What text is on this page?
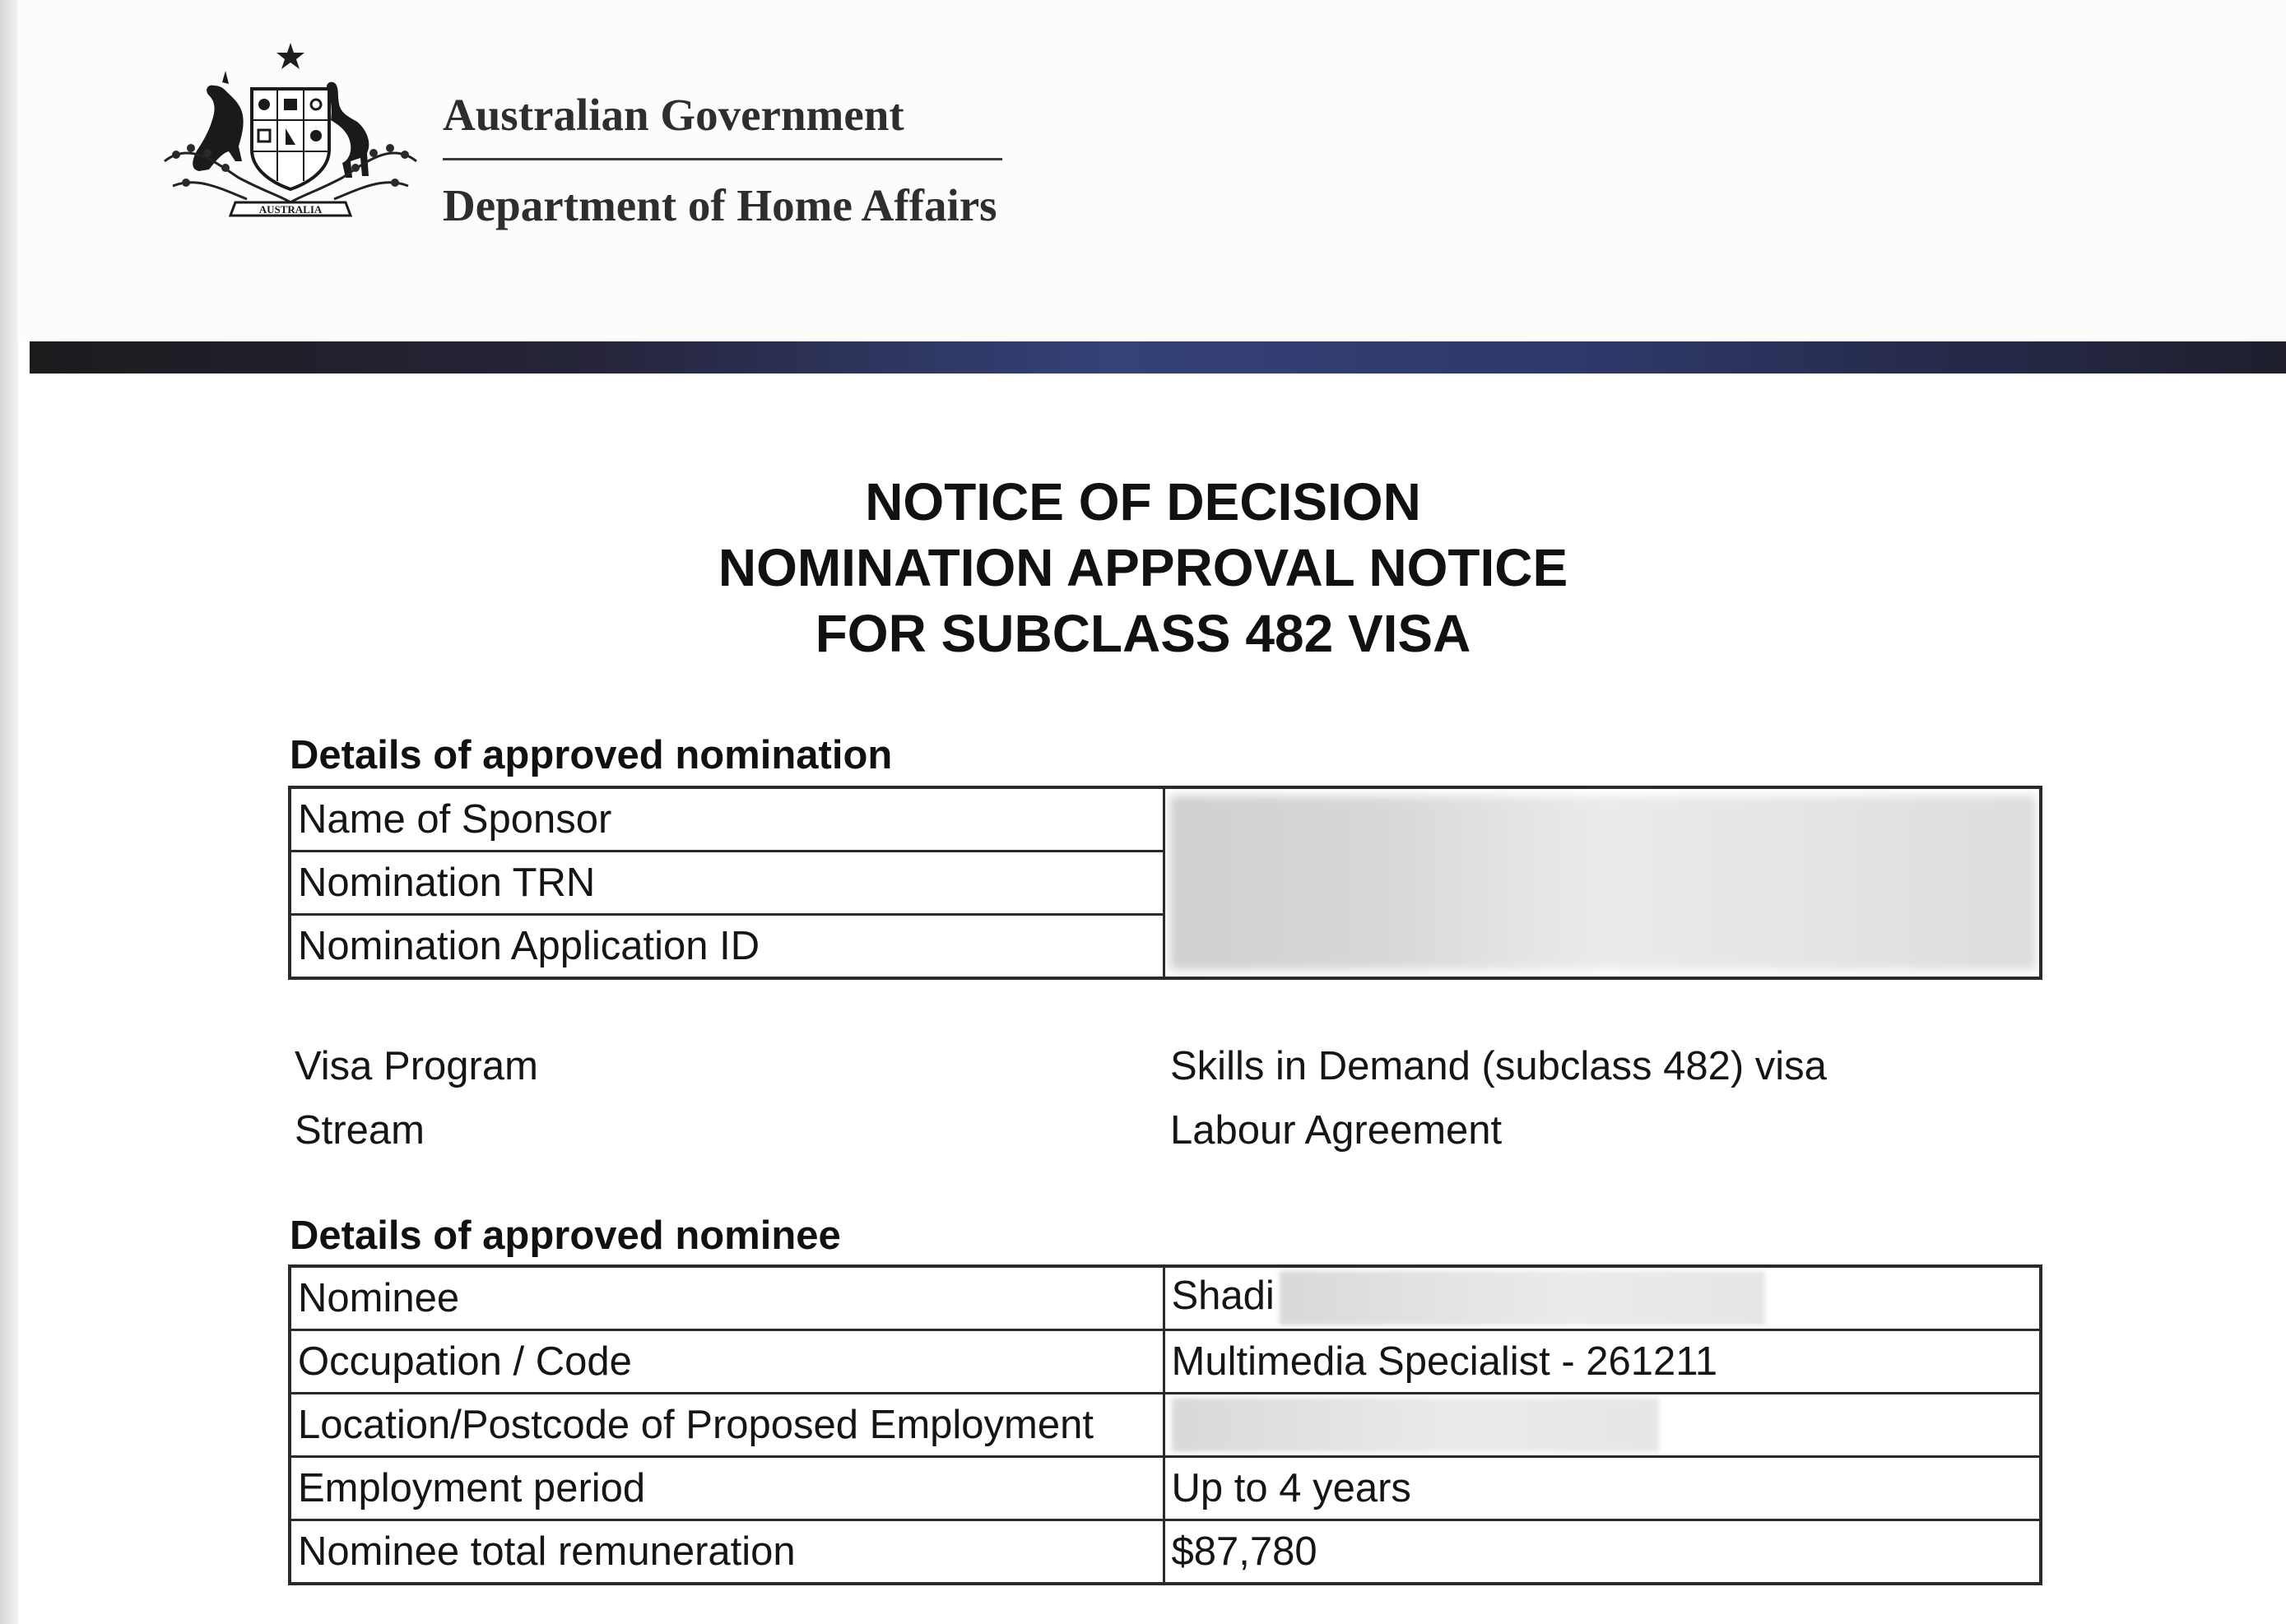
AUSTRALIA
Australian Government
Department of Home Affairs
NOTICE OF DECISION
NOMINATION APPROVAL NOTICE
FOR SUBCLASS 482 VISA
Details of approved nomination
Name of Sponsor	

Nomination TRN
Nomination Application ID
Visa Program	Skills in Demand (subclass 482) visa
Stream	Labour Agreement
Details of approved nominee
Nominee	Shadi
Occupation / Code	Multimedia Specialist - 261211
Location/Postcode of Proposed Employment	
Employment period	Up to 4 years
Nominee total remuneration	$87,780
